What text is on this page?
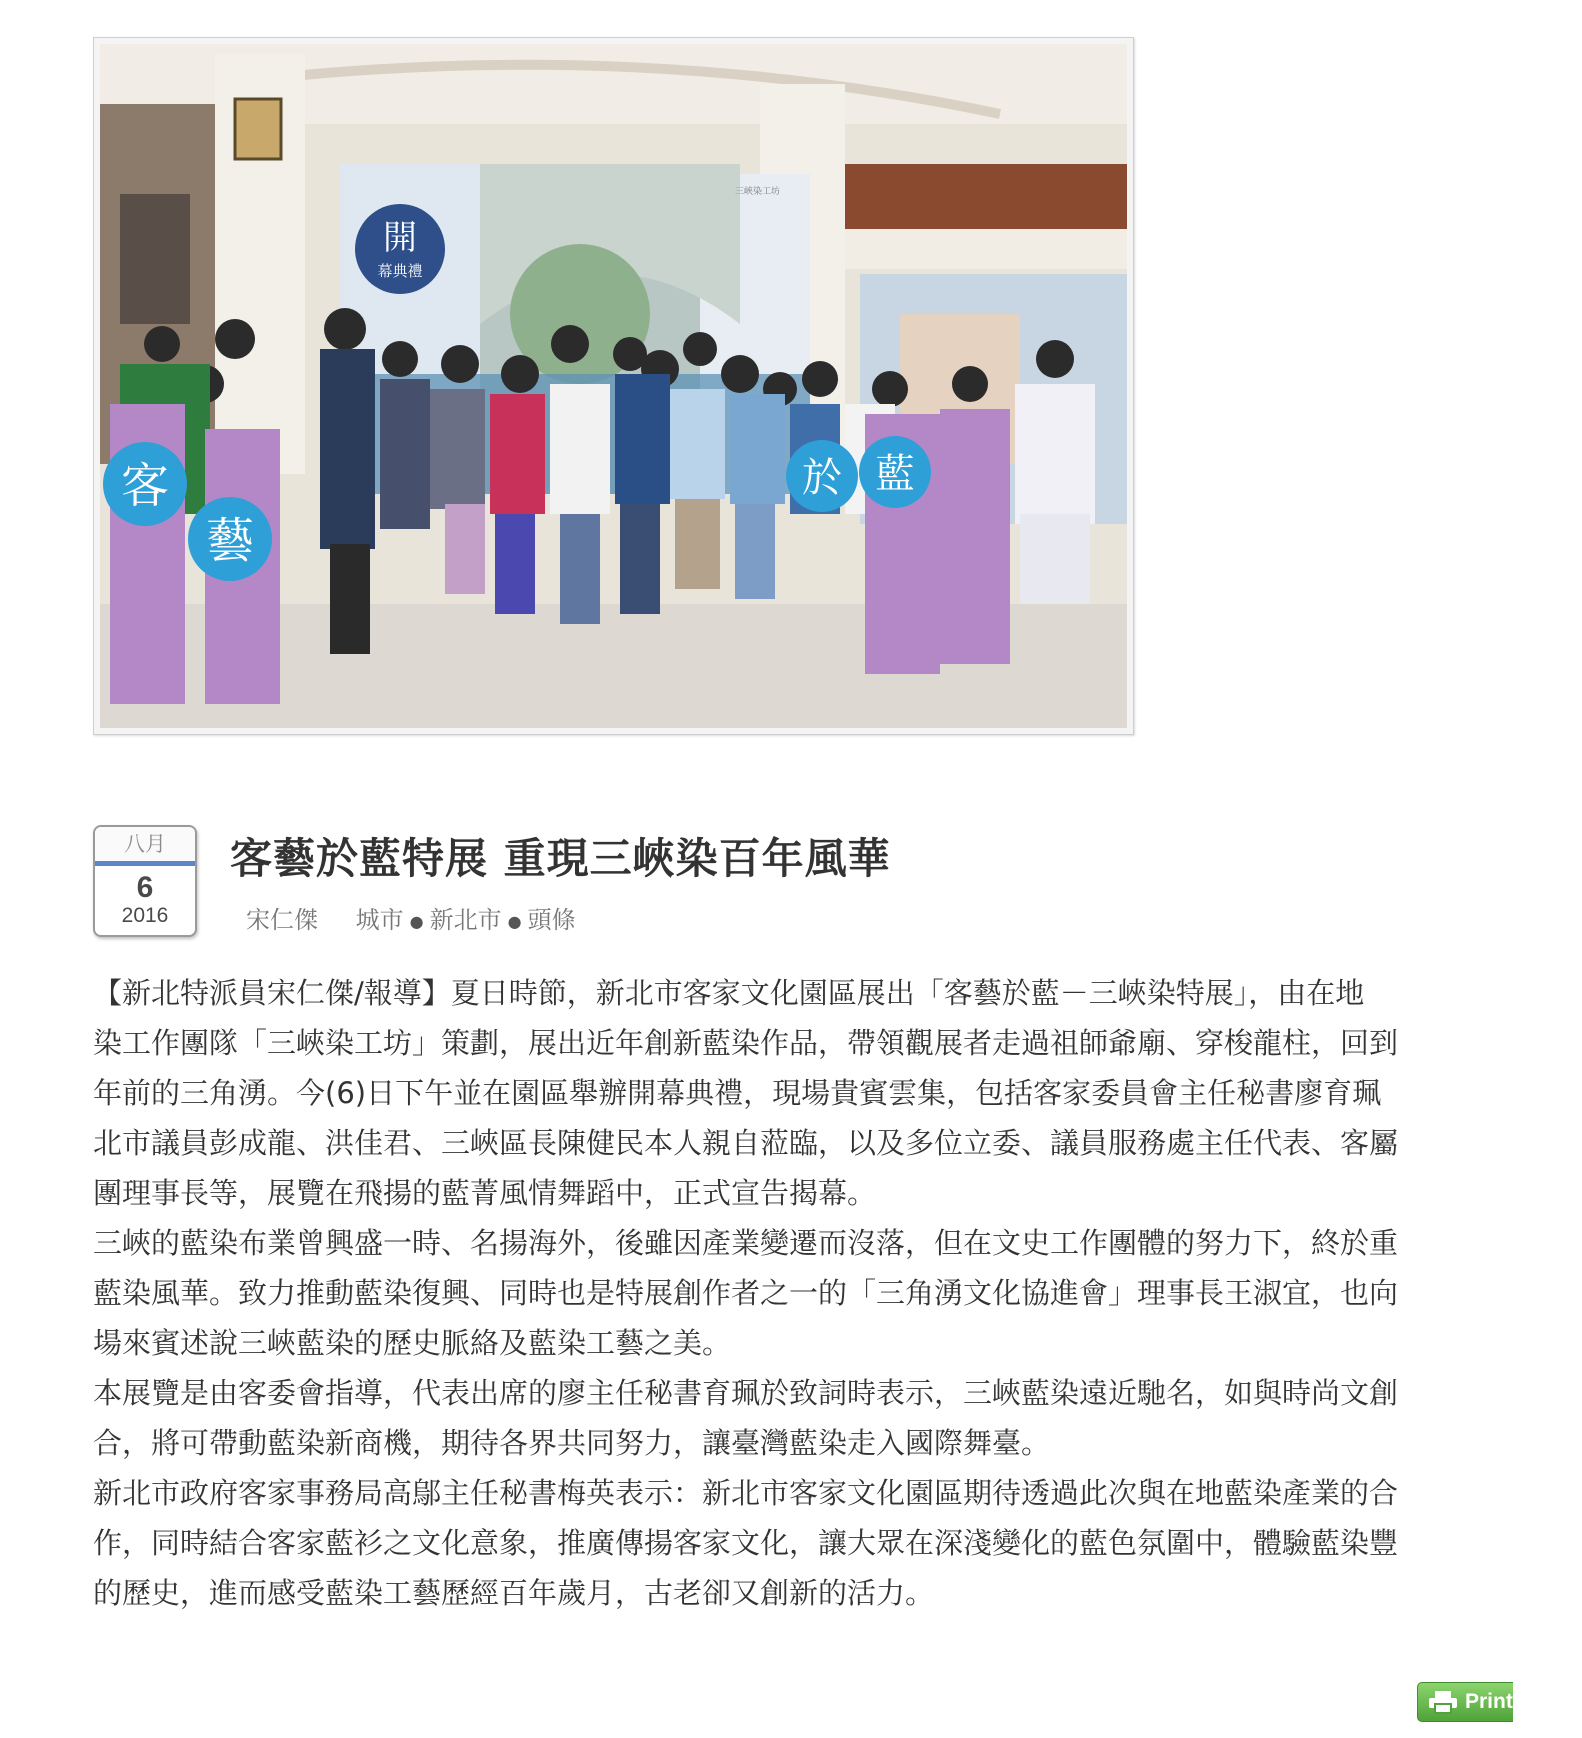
開
幕典禮
三峽染工坊
客
藝
於 藍
八月
6
2016
客藝於藍特展 重現三峽染百年風華
宋仁傑 城市 ● 新北市 ● 頭條
【新北特派員宋仁傑/報導】夏日時節，新北市客家文化園區展出「客藝於藍－三峽染特展」，由在地
染工作團隊「三峽染工坊」策劃，展出近年創新藍染作品，帶領觀展者走過祖師爺廟、穿梭龍柱，回到
年前的三角湧。今(6)日下午並在園區舉辦開幕典禮，現場貴賓雲集，包括客家委員會主任秘書廖育珮
北市議員彭成龍、洪佳君、三峽區長陳健民本人親自蒞臨，以及多位立委、議員服務處主任代表、客屬
團理事長等，展覽在飛揚的藍菁風情舞蹈中，正式宣告揭幕。
三峽的藍染布業曾興盛一時、名揚海外，後雖因產業變遷而沒落，但在文史工作團體的努力下，終於重
藍染風華。致力推動藍染復興、同時也是特展創作者之一的「三角湧文化協進會」理事長王淑宜，也向
場來賓述說三峽藍染的歷史脈絡及藍染工藝之美。
本展覽是由客委會指導，代表出席的廖主任秘書育珮於致詞時表示，三峽藍染遠近馳名，如與時尚文創
合，將可帶動藍染新商機，期待各界共同努力，讓臺灣藍染走入國際舞臺。
新北市政府客家事務局高鄔主任秘書梅英表示：新北市客家文化園區期待透過此次與在地藍染產業的合
作，同時結合客家藍衫之文化意象，推廣傳揚客家文化，讓大眾在深淺變化的藍色氛圍中，體驗藍染豐
的歷史，進而感受藍染工藝歷經百年歲月，古老卻又創新的活力。
Print
